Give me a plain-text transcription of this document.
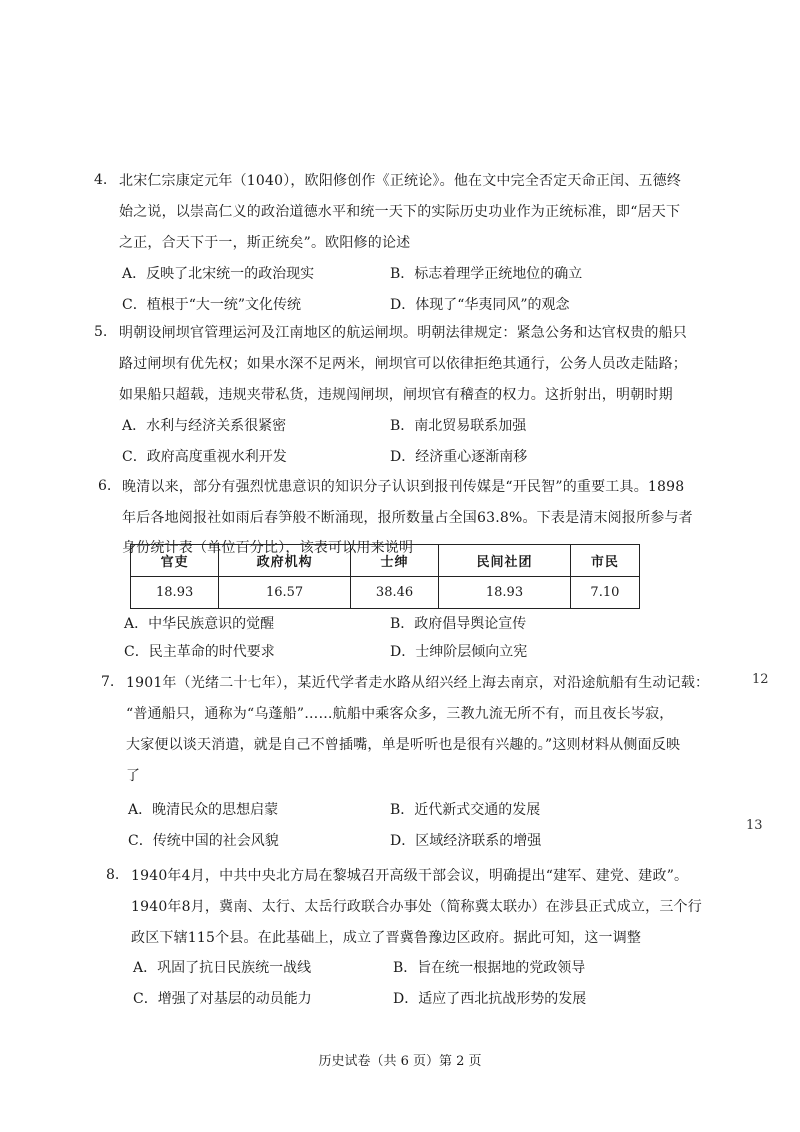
4. 北宋仁宗康定元年（1040），欧阳修创作《正统论》。他在文中完全否定天命正闰、五德终
始之说，以崇高仁义的政治道德水平和统一天下的实际历史功业作为正统标准，即“居天下
之正，合天下于一，斯正统矣”。欧阳修的论述
A．反映了北宋统一的政治现实	B．标志着理学正统地位的确立
C．植根于“大一统”文化传统	D．体现了“华夷同风”的观念
5. 明朝设闸坝官管理运河及江南地区的航运闸坝。明朝法律规定：紧急公务和达官权贵的船只
路过闸坝有优先权；如果水深不足两米，闸坝官可以依律拒绝其通行，公务人员改走陆路；
如果船只超载，违规夹带私货，违规闯闸坝，闸坝官有稽查的权力。这折射出，明朝时期
A．水利与经济关系很紧密	B．南北贸易联系加强
C．政府高度重视水利开发	D．经济重心逐渐南移
6. 晚清以来，部分有强烈忧患意识的知识分子认识到报刊传媒是“开民智”的重要工具。1898
年后各地阅报社如雨后春笋般不断涌现，报所数量占全国63.8%。下表是清末阅报所参与者
身份统计表（单位百分比），该表可以用来说明
官吏	政府机构	士绅	民间社团	市民
18.93	16.57	38.46	18.93	7.10
A．中华民族意识的觉醒	B．政府倡导舆论宣传
C．民主革命的时代要求	D．士绅阶层倾向立宪
7. 1901年（光绪二十七年），某近代学者走水路从绍兴经上海去南京，对沿途航船有生动记载：
“普通船只，通称为“乌蓬船”……航船中乘客众多，三教九流无所不有，而且夜长岑寂，
大家便以谈天消遣，就是自己不曾插嘴，单是听听也是很有兴趣的。”这则材料从侧面反映
了
A．晚清民众的思想启蒙	B．近代新式交通的发展
C．传统中国的社会风貌	D．区域经济联系的增强
8. 1940年4月，中共中央北方局在黎城召开高级干部会议，明确提出“建军、建党、建政”。
1940年8月，冀南、太行、太岳行政联合办事处（简称冀太联办）在涉县正式成立，三个行
政区下辖115个县。在此基础上，成立了晋冀鲁豫边区政府。据此可知，这一调整
A．巩固了抗日民族统一战线	B．旨在统一根据地的党政领导
C．增强了对基层的动员能力	D．适应了西北抗战形势的发展
12
13
历史试卷（共 6 页）第 2 页
